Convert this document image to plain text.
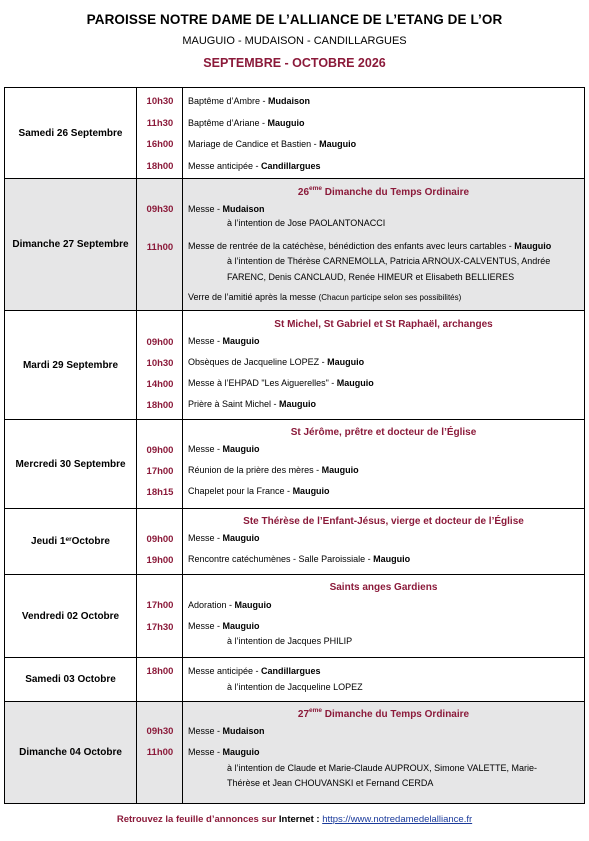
PAROISSE NOTRE DAME DE L’ALLIANCE DE L’ETANG DE L’OR
MAUGUIO - MUDAISON - CANDILLARGUES
SEPTEMBRE - OCTOBRE 2026
Samedi 26 Septembre
10h30
11h30
16h00
18h00
Baptême d’Ambre - Mudaison
Baptême d’Ariane - Mauguio
Mariage de Candice et Bastien - Mauguio
Messe anticipée - Candillargues
Dimanche 27 Septembre
09h30
11h00
26eme Dimanche du Temps Ordinaire
Messe - Mudaison
à l’intention de Jose PAOLANTONACCI
Messe de rentrée de la catéchèse, bénédiction des enfants avec leurs cartables - Mauguio
à l’intention de Thérèse CARNEMOLLA, Patricia ARNOUX-CALVENTUS, Andrée
FARENC, Denis CANCLAUD, Renée HIMEUR et Elisabeth BELLIERES
Verre de l’amitié après la messe (Chacun participe selon ses possibilités)
Mardi 29 Septembre
09h00
10h30
14h00
18h00
St Michel, St Gabriel et St Raphaël, archanges
Messe - Mauguio
Obsèques de Jacqueline LOPEZ - Mauguio
Messe à l’EHPAD "Les Aiguerelles" - Mauguio
Prière à Saint Michel - Mauguio
Mercredi 30 Septembre
09h00
17h00
18h15
St Jérôme, prêtre et docteur de l’Église
Messe - Mauguio
Réunion de la prière des mères - Mauguio
Chapelet pour la France - Mauguio
Jeudi 1er Octobre	09h00
19h00
Ste Thérèse de l’Enfant-Jésus, vierge et docteur de l’Église
Messe - Mauguio
Rencontre catéchumènes - Salle Paroissiale - Mauguio
Vendredi 02 Octobre
17h00
17h30
Saints anges Gardiens
Adoration - Mauguio
Messe - Mauguio
à l’intention de Jacques PHILIP
Samedi 03 Octobre
18h00	Messe anticipée - Candillargues
à l’intention de Jacqueline LOPEZ
Dimanche 04 Octobre
09h30
11h00
27eme Dimanche du Temps Ordinaire
Messe - Mudaison
Messe - Mauguio
à l’intention de Claude et Marie-Claude AUPROUX, Simone VALETTE, Marie-
Thérèse et Jean CHOUVANSKI et Fernand CERDA
Retrouvez la feuille d’annonces sur Internet : https://www.notredamedelalliance.fr
